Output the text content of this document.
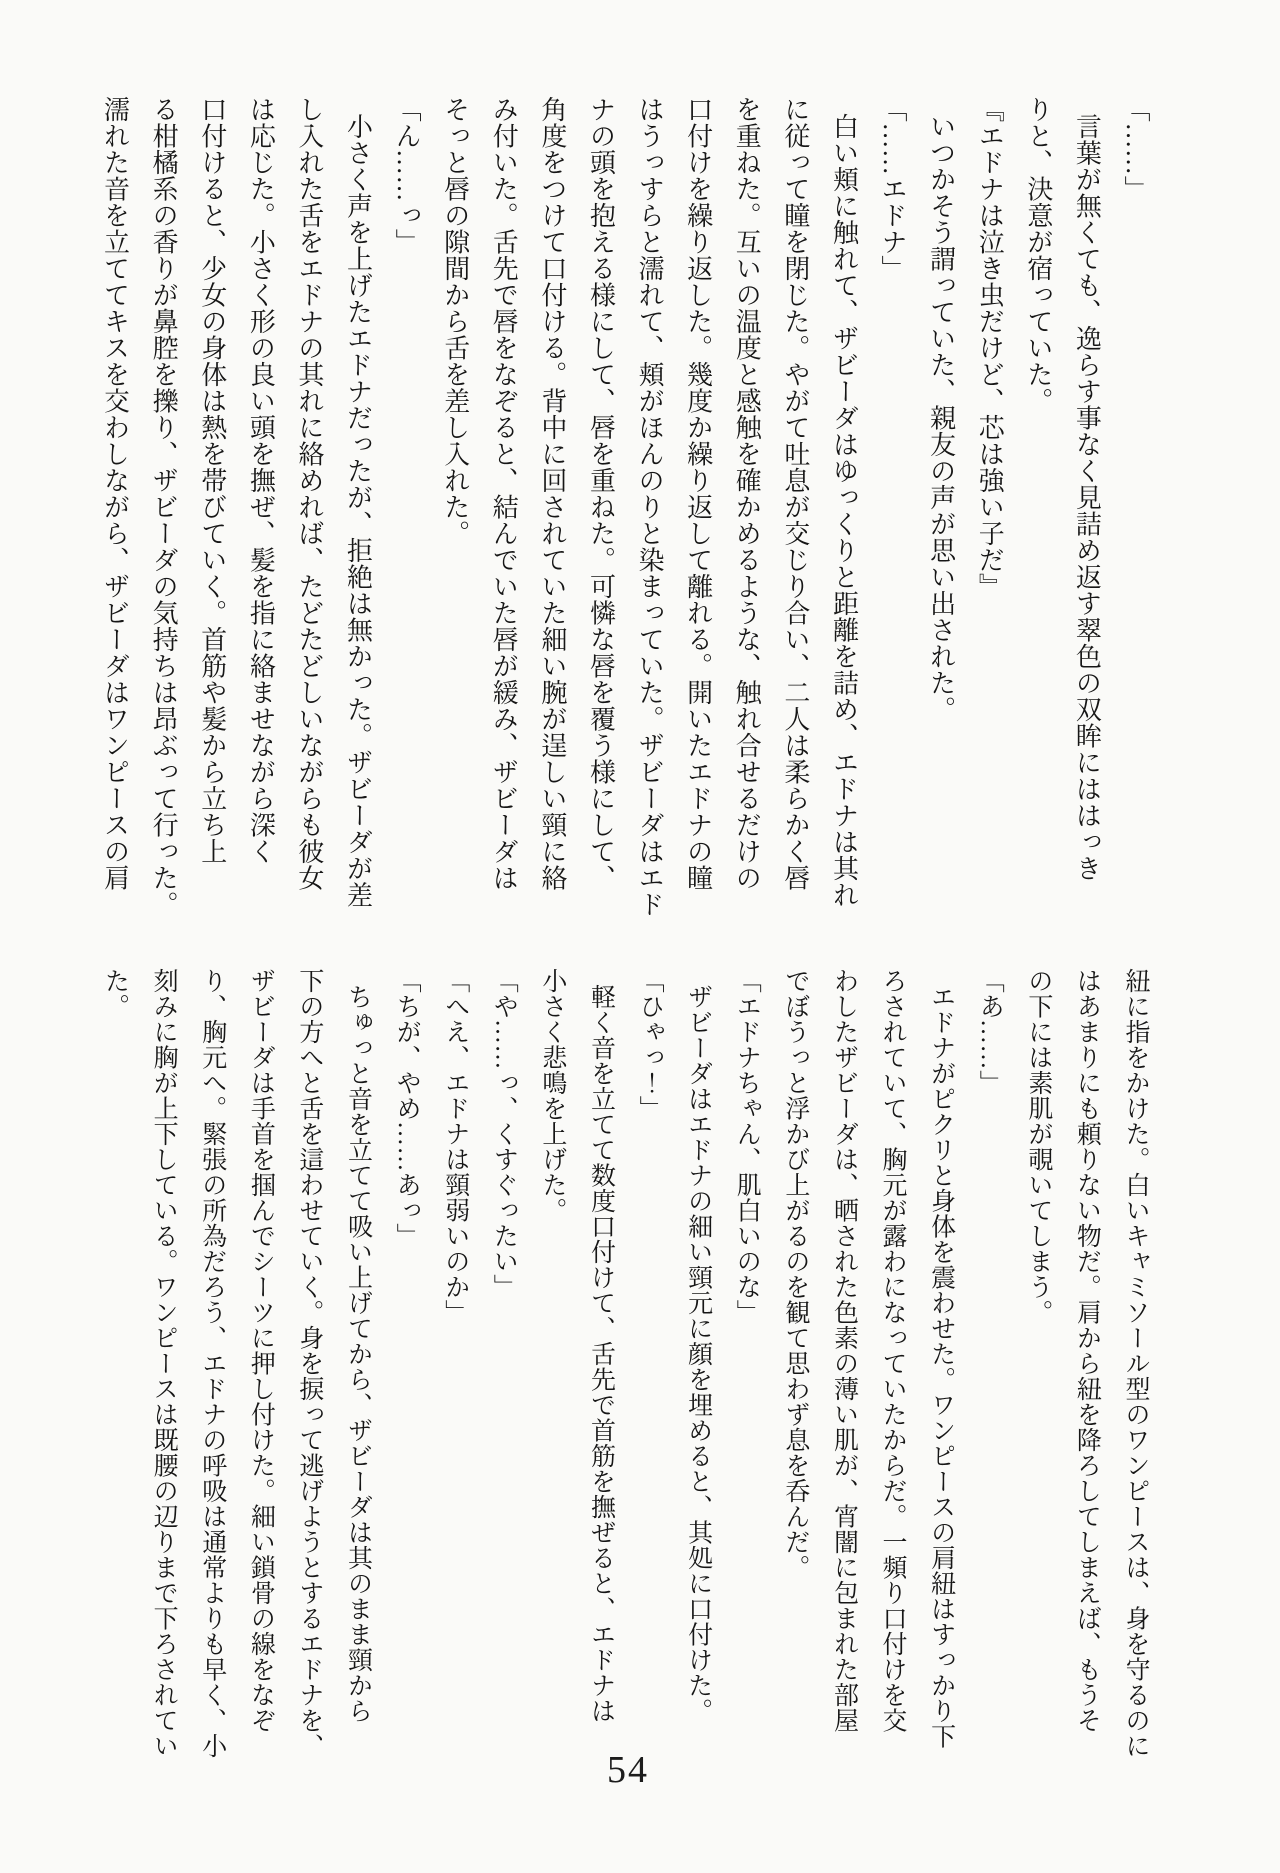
「……」
言葉が無くても、逸らす事なく見詰め返す翠色の双眸にははっき
りと、決意が宿っていた。
『エドナは泣き虫だけど、芯は強い子だ』
いつかそう謂っていた、親友の声が思い出された。
「……エドナ」
白い頬に触れて、ザビーダはゆっくりと距離を詰め、エドナは其れ
に従って瞳を閉じた。やがて吐息が交じり合い、二人は柔らかく唇
を重ねた。互いの温度と感触を確かめるような、触れ合せるだけの
口付けを繰り返した。幾度か繰り返して離れる。開いたエドナの瞳
はうっすらと濡れて、頬がほんのりと染まっていた。ザビーダはエド
ナの頭を抱える様にして、唇を重ねた。可憐な唇を覆う様にして、
角度をつけて口付ける。背中に回されていた細い腕が逞しい頸に絡
み付いた。舌先で唇をなぞると、結んでいた唇が緩み、ザビーダは
そっと唇の隙間から舌を差し入れた。
「ん……っ」
小さく声を上げたエドナだったが、拒絶は無かった。ザビーダが差
し入れた舌をエドナの其れに絡めれば、たどたどしいながらも彼女
は応じた。小さく形の良い頭を撫ぜ、髪を指に絡ませながら深く
口付けると、少女の身体は熱を帯びていく。首筋や髪から立ち上
る柑橘系の香りが鼻腔を擽り、ザビーダの気持ちは昂ぶって行った。
濡れた音を立ててキスを交わしながら、ザビーダはワンピースの肩
紐に指をかけた。白いキャミソール型のワンピースは、身を守るのに
はあまりにも頼りない物だ。肩から紐を降ろしてしまえば、もうそ
の下には素肌が覗いてしまう。
「あ……」
エドナがピクリと身体を震わせた。ワンピースの肩紐はすっかり下
ろされていて、胸元が露わになっていたからだ。一頻り口付けを交
わしたザビーダは、晒された色素の薄い肌が、宵闇に包まれた部屋
でぼうっと浮かび上がるのを観て思わず息を呑んだ。
「エドナちゃん、肌白いのな」
ザビーダはエドナの細い頸元に顔を埋めると、其処に口付けた。
「ひゃっ！」
軽く音を立てて数度口付けて、舌先で首筋を撫ぜると、エドナは
小さく悲鳴を上げた。
「や……っ、くすぐったい」
「へえ、エドナは頸弱いのか」
「ちが、やめ……あっ」
ちゅっと音を立てて吸い上げてから、ザビーダは其のまま頸から
下の方へと舌を這わせていく。身を捩って逃げようとするエドナを、
ザビーダは手首を掴んでシーツに押し付けた。細い鎖骨の線をなぞ
り、胸元へ。緊張の所為だろう、エドナの呼吸は通常よりも早く、小
刻みに胸が上下している。ワンピースは既腰の辺りまで下ろされてい
た。
54
